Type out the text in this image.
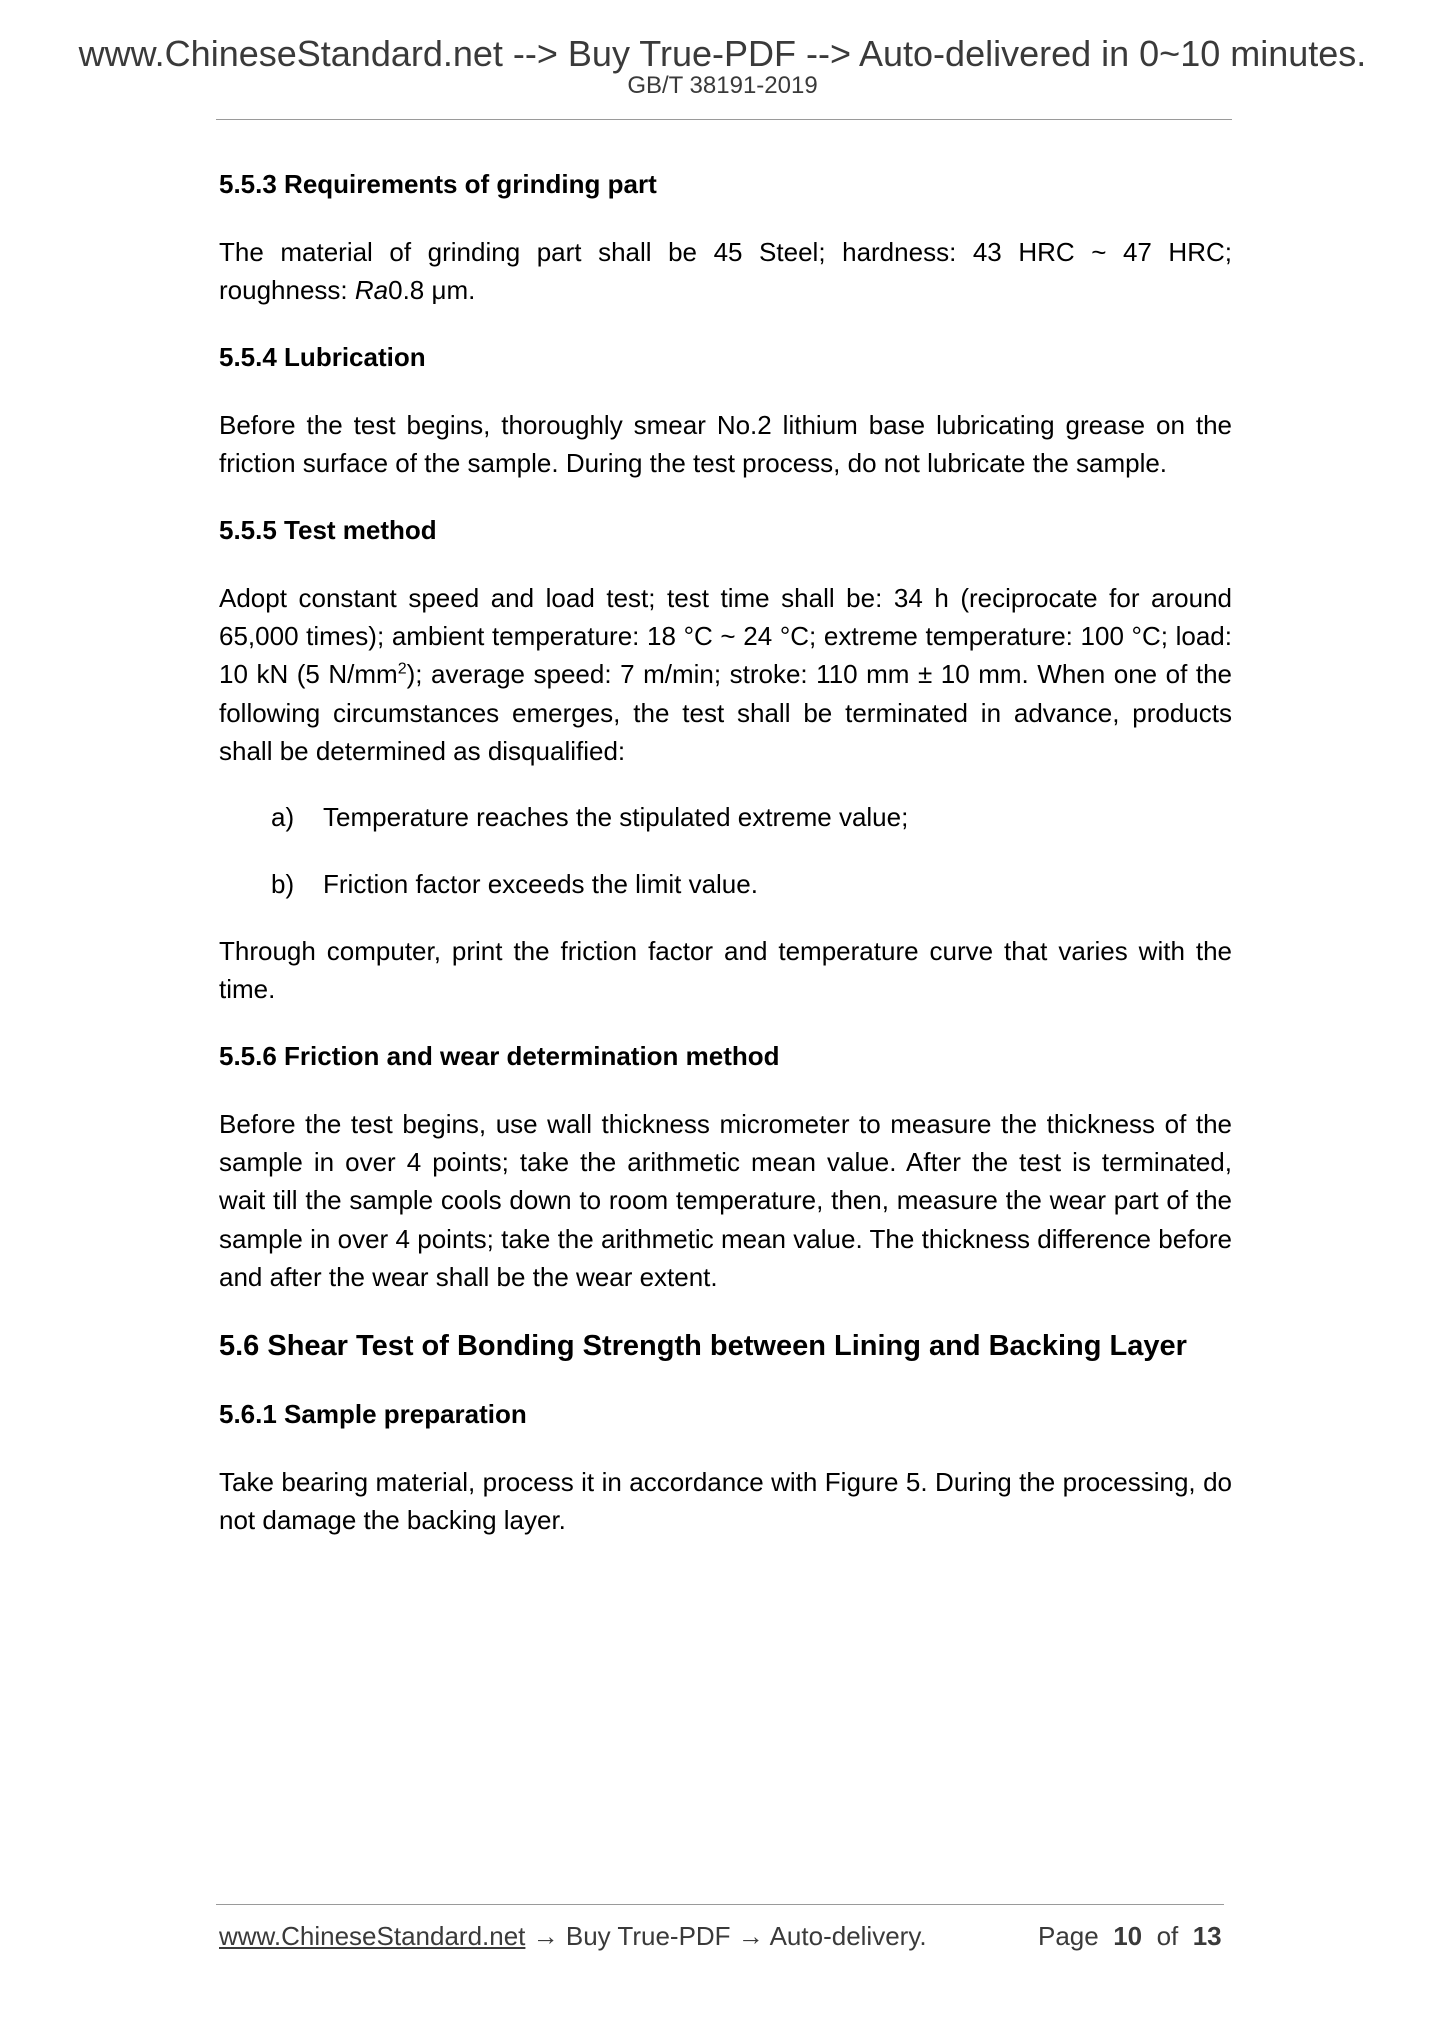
www.ChineseStandard.net --> Buy True-PDF --> Auto-delivered in 0~10 minutes.
GB/T 38191-2019
5.5.3 Requirements of grinding part
The material of grinding part shall be 45 Steel; hardness: 43 HRC ~ 47 HRC; roughness: Ra0.8 μm.
5.5.4 Lubrication
Before the test begins, thoroughly smear No.2 lithium base lubricating grease on the friction surface of the sample. During the test process, do not lubricate the sample.
5.5.5 Test method
Adopt constant speed and load test; test time shall be: 34 h (reciprocate for around 65,000 times); ambient temperature: 18 °C ~ 24 °C; extreme temperature: 100 °C; load: 10 kN (5 $N/mm^2$); average speed: 7 m/min; stroke: 110 mm ± 10 mm. When one of the following circumstances emerges, the test shall be terminated in advance, products shall be determined as disqualified:
a) Temperature reaches the stipulated extreme value;
b) Friction factor exceeds the limit value.
Through computer, print the friction factor and temperature curve that varies with the time.
5.5.6 Friction and wear determination method
Before the test begins, use wall thickness micrometer to measure the thickness of the sample in over 4 points; take the arithmetic mean value. After the test is terminated, wait till the sample cools down to room temperature, then, measure the wear part of the sample in over 4 points; take the arithmetic mean value. The thickness difference before and after the wear shall be the wear extent.
5.6 Shear Test of Bonding Strength between Lining and Backing Layer
5.6.1 Sample preparation
Take bearing material, process it in accordance with Figure 5. During the processing, do not damage the backing layer.
www.ChineseStandard.net → Buy True-PDF → Auto-delivery.	Page 10 of 13
